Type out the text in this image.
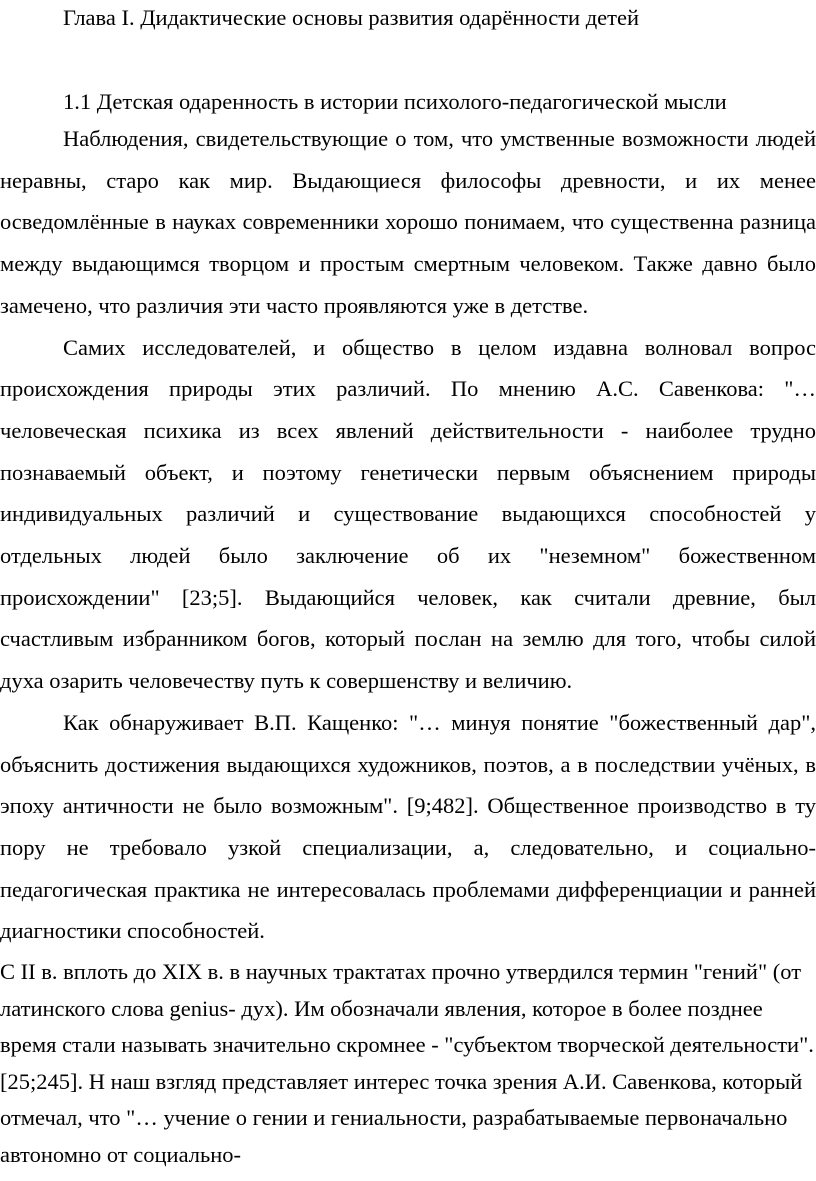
Глава I. Дидактические основы развития одарённости детей
1.1 Детская одаренность в истории психолого-педагогической мысли

Наблюдения, свидетельствующие о том, что умственные возможности людей неравны, старо как мир. Выдающиеся философы древности, и их менее осведомлённые в науках современники хорошо понимаем, что существенна разница между выдающимся творцом и простым смертным человеком. Также давно было замечено, что различия эти часто проявляются уже в детстве.

Самих исследователей, и общество в целом издавна волновал вопрос происхождения природы этих различий. По мнению А.С. Савенкова: "… человеческая психика из всех явлений действительности - наиболее трудно познаваемый объект, и поэтому генетически первым объяснением природы индивидуальных различий и существование выдающихся способностей у отдельных людей было заключение об их "неземном" божественном происхождении" [23;5]. Выдающийся человек, как считали древние, был счастливым избранником богов, который послан на землю для того, чтобы силой духа озарить человечеству путь к совершенству и величию.

Как обнаруживает В.П. Кащенко: "… минуя понятие "божественный дар", объяснить достижения выдающихся художников, поэтов, а в последствии учёных, в эпоху античности не было возможным". [9;482]. Общественное производство в ту пору не требовало узкой специализации, а, следовательно, и социально-педагогическая практика не интересовалась проблемами дифференциации и ранней диагностики способностей.

С II в. вплоть до XIX в. в научных трактатах прочно утвердился термин "гений" (от латинского слова genius- дух). Им обозначали явления, которое в более позднее время стали называть значительно скромнее - "субъектом творческой деятельности". [25;245]. Н наш взгляд представляет интерес точка зрения А.И. Савенкова, который отмечал, что "… учение о гении и гениальности, разрабатываемые первоначально автономно от социально-
